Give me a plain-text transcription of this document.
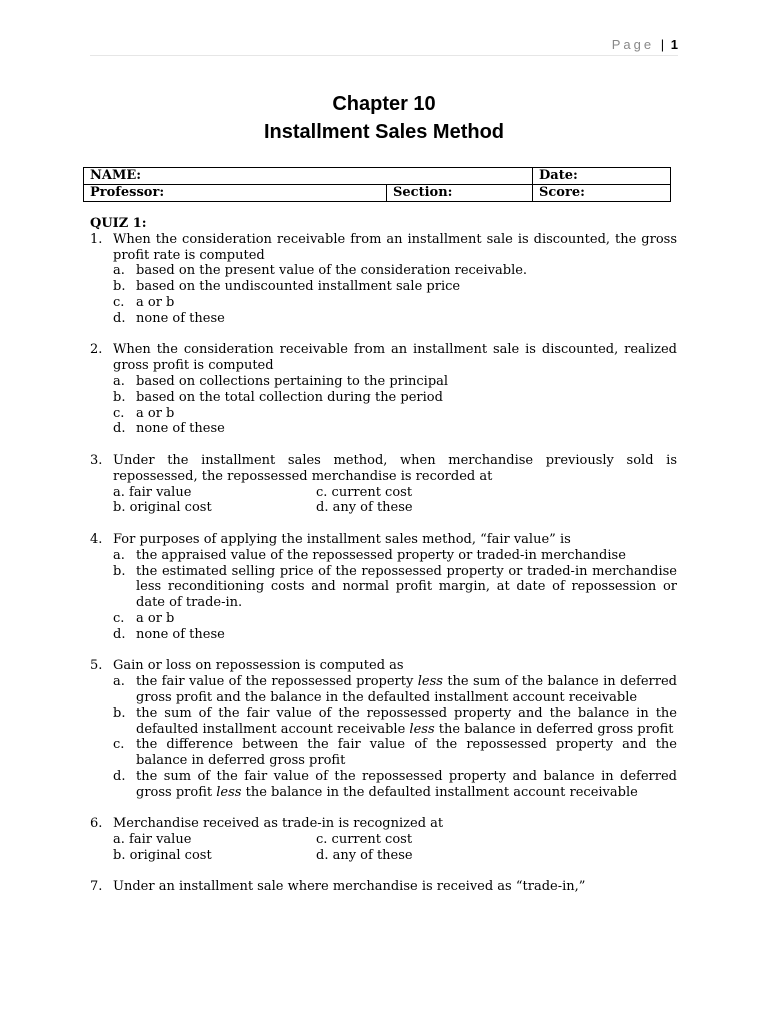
Page | 1
Chapter 10
Installment Sales Method
NAME:		Date:
Professor:	Section:	Score:
QUIZ 1:
1. When the consideration receivable from an installment sale is discounted, the gross profit rate is computed
a. based on the present value of the consideration receivable.
b. based on the undiscounted installment sale price
c. a or b
d. none of these
2. When the consideration receivable from an installment sale is discounted, realized gross profit is computed
a. based on collections pertaining to the principal
b. based on the total collection during the period
c. a or b
d. none of these
3. Under the installment sales method, when merchandise previously sold is repossessed, the repossessed merchandise is recorded at
a. fair value	c. current cost
b. original cost	d. any of these
4. For purposes of applying the installment sales method, “fair value” is
a. the appraised value of the repossessed property or traded-in merchandise
b. the estimated selling price of the repossessed property or traded-in merchandise less reconditioning costs and normal profit margin, at date of repossession or date of trade-in.
c. a or b
d. none of these
5. Gain or loss on repossession is computed as
a. the fair value of the repossessed property less the sum of the balance in deferred gross profit and the balance in the defaulted installment account receivable
b. the sum of the fair value of the repossessed property and the balance in the defaulted installment account receivable less the balance in deferred gross profit
c. the difference between the fair value of the repossessed property and the balance in deferred gross profit
d. the sum of the fair value of the repossessed property and balance in deferred gross profit less the balance in the defaulted installment account receivable
6. Merchandise received as trade-in is recognized at
a. fair value	c. current cost
b. original cost	d. any of these
7. Under an installment sale where merchandise is received as “trade-in,”
